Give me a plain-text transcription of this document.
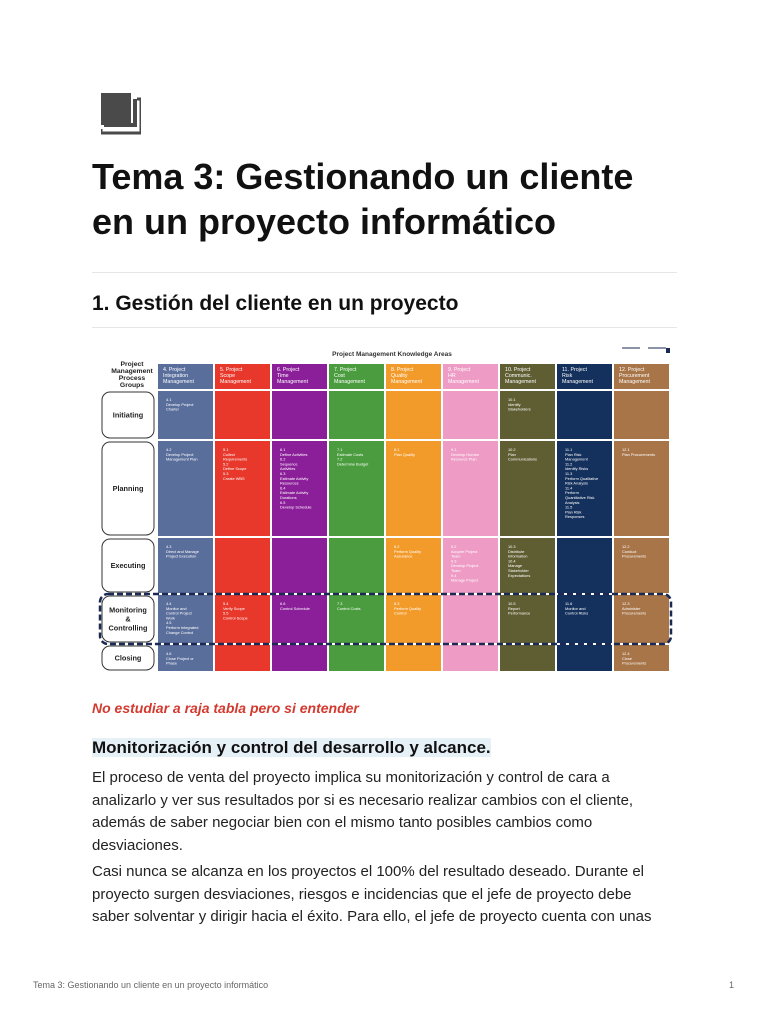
Tema 3: Gestionando un cliente
en un proyecto informático
1. Gestión del cliente en un proyecto
Project Management Knowledge Areas
Project
Management
Process
Groups
4. Project
Integration
Management
4.1
Develop Project
Charter
4.2
Develop Project
Management Plan
4.3
Direct and Manage
Project Execution
4.4
Monitor and
Control Project
Work
4.5
Perform Integrated
Change Control
4.6
Close Project or
Phase
5. Project
Scope
Management
5.1
Collect
Requirements
5.2
Define Scope
5.3
Create WBS
5.4
Verify Scope
5.5
Control Scope
6. Project
Time
Management
6.1
Define Activities
6.2
Sequence
Activities
6.3
Estimate Activity
Resources
6.4
Estimate Activity
Durations
6.5
Develop Schedule
6.6
Control Schedule
7. Project
Cost
Management
7.1
Estimate Costs
7.2
Determine Budget
7.3
Control Costs
8. Project
Quality
Management
8.1
Plan Quality
8.2
Perform Quality
Assurance
8.3
Perform Quality
Control
9. Project
HR
Management
9.1
Develop Human
Resource Plan
9.2
Acquire Project
Team
9.3
Develop Project
Team
9.4
Manage Project
10. Project
Communic.
Management
10.1
Identify
Stakeholders
10.2
Plan
Communications
10.3
Distribute
Information
10.4
Manage
Stakeholder
Expectations
10.5
Report
Performance
11. Project
Risk
Management
11.1
Plan Risk
Management
11.2
Identify Risks
11.3
Perform Qualitative
Risk Analysis
11.4
Perform
Quantitative Risk
Analysis
11.5
Plan Risk
Responses
11.6
Monitor and
Control Risks
12. Project
Procurement
Management
12.1
Plan Procurements
12.2
Conduct
Procurements
12.3
Administer
Procurements
12.4
Close
Procurements
Initiating
Planning
Executing
Monitoring
&
Controlling
Closing

No estudiar a raja tabla pero si entender

Monitorización y control del desarrollo y alcance.

El proceso de venta del proyecto implica su monitorización y control de cara a
analizarlo y ver sus resultados por si es necesario realizar cambios con el cliente,
además de saber negociar bien con el mismo tanto posibles cambios como
desviaciones.

Casi nunca se alcanza en los proyectos el 100% del resultado deseado. Durante el
proyecto surgen desviaciones, riesgos e incidencias que el jefe de proyecto debe
saber solventar y dirigir hacia el éxito. Para ello, el jefe de proyecto cuenta con unas

Tema 3: Gestionando un cliente en un proyecto informático	1
